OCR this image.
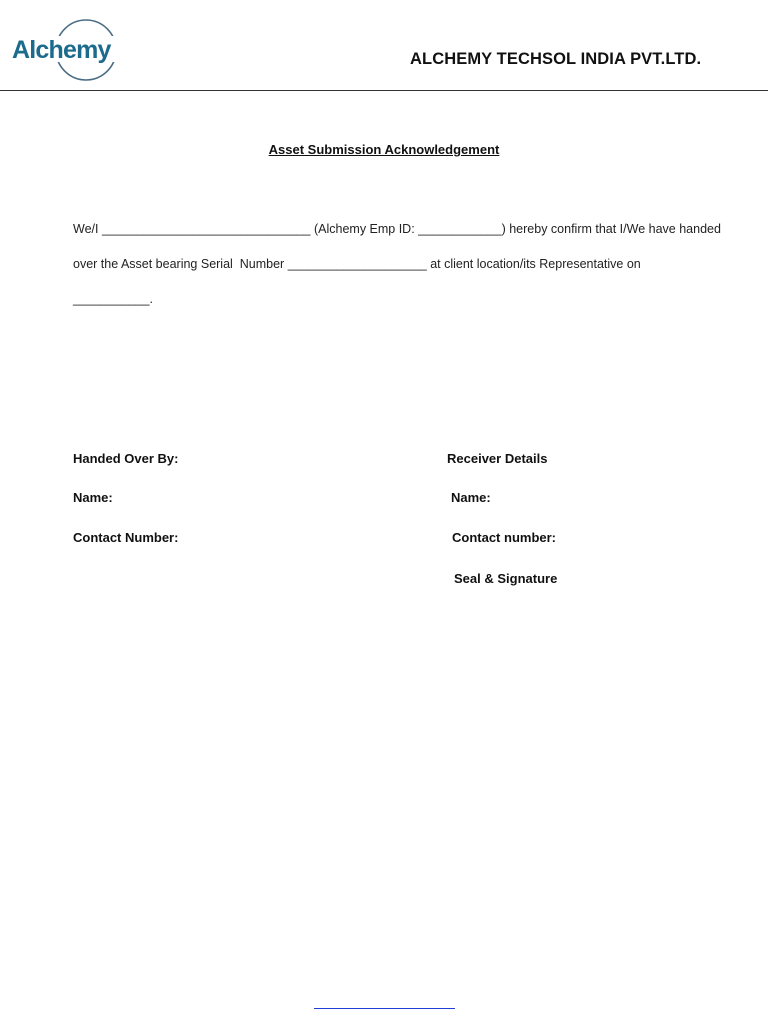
Alchemy	ALCHEMY TECHSOL INDIA PVT.LTD.
Asset Submission Acknowledgement
We/I ______________________________ (Alchemy Emp ID: ____________) hereby confirm that I/We have handed
over the Asset bearing Serial  Number ____________________ at client location/its Representative on
___________.
Handed Over By:
Name:
Contact Number:
Receiver Details
Name:
Contact number:
Seal & Signature
